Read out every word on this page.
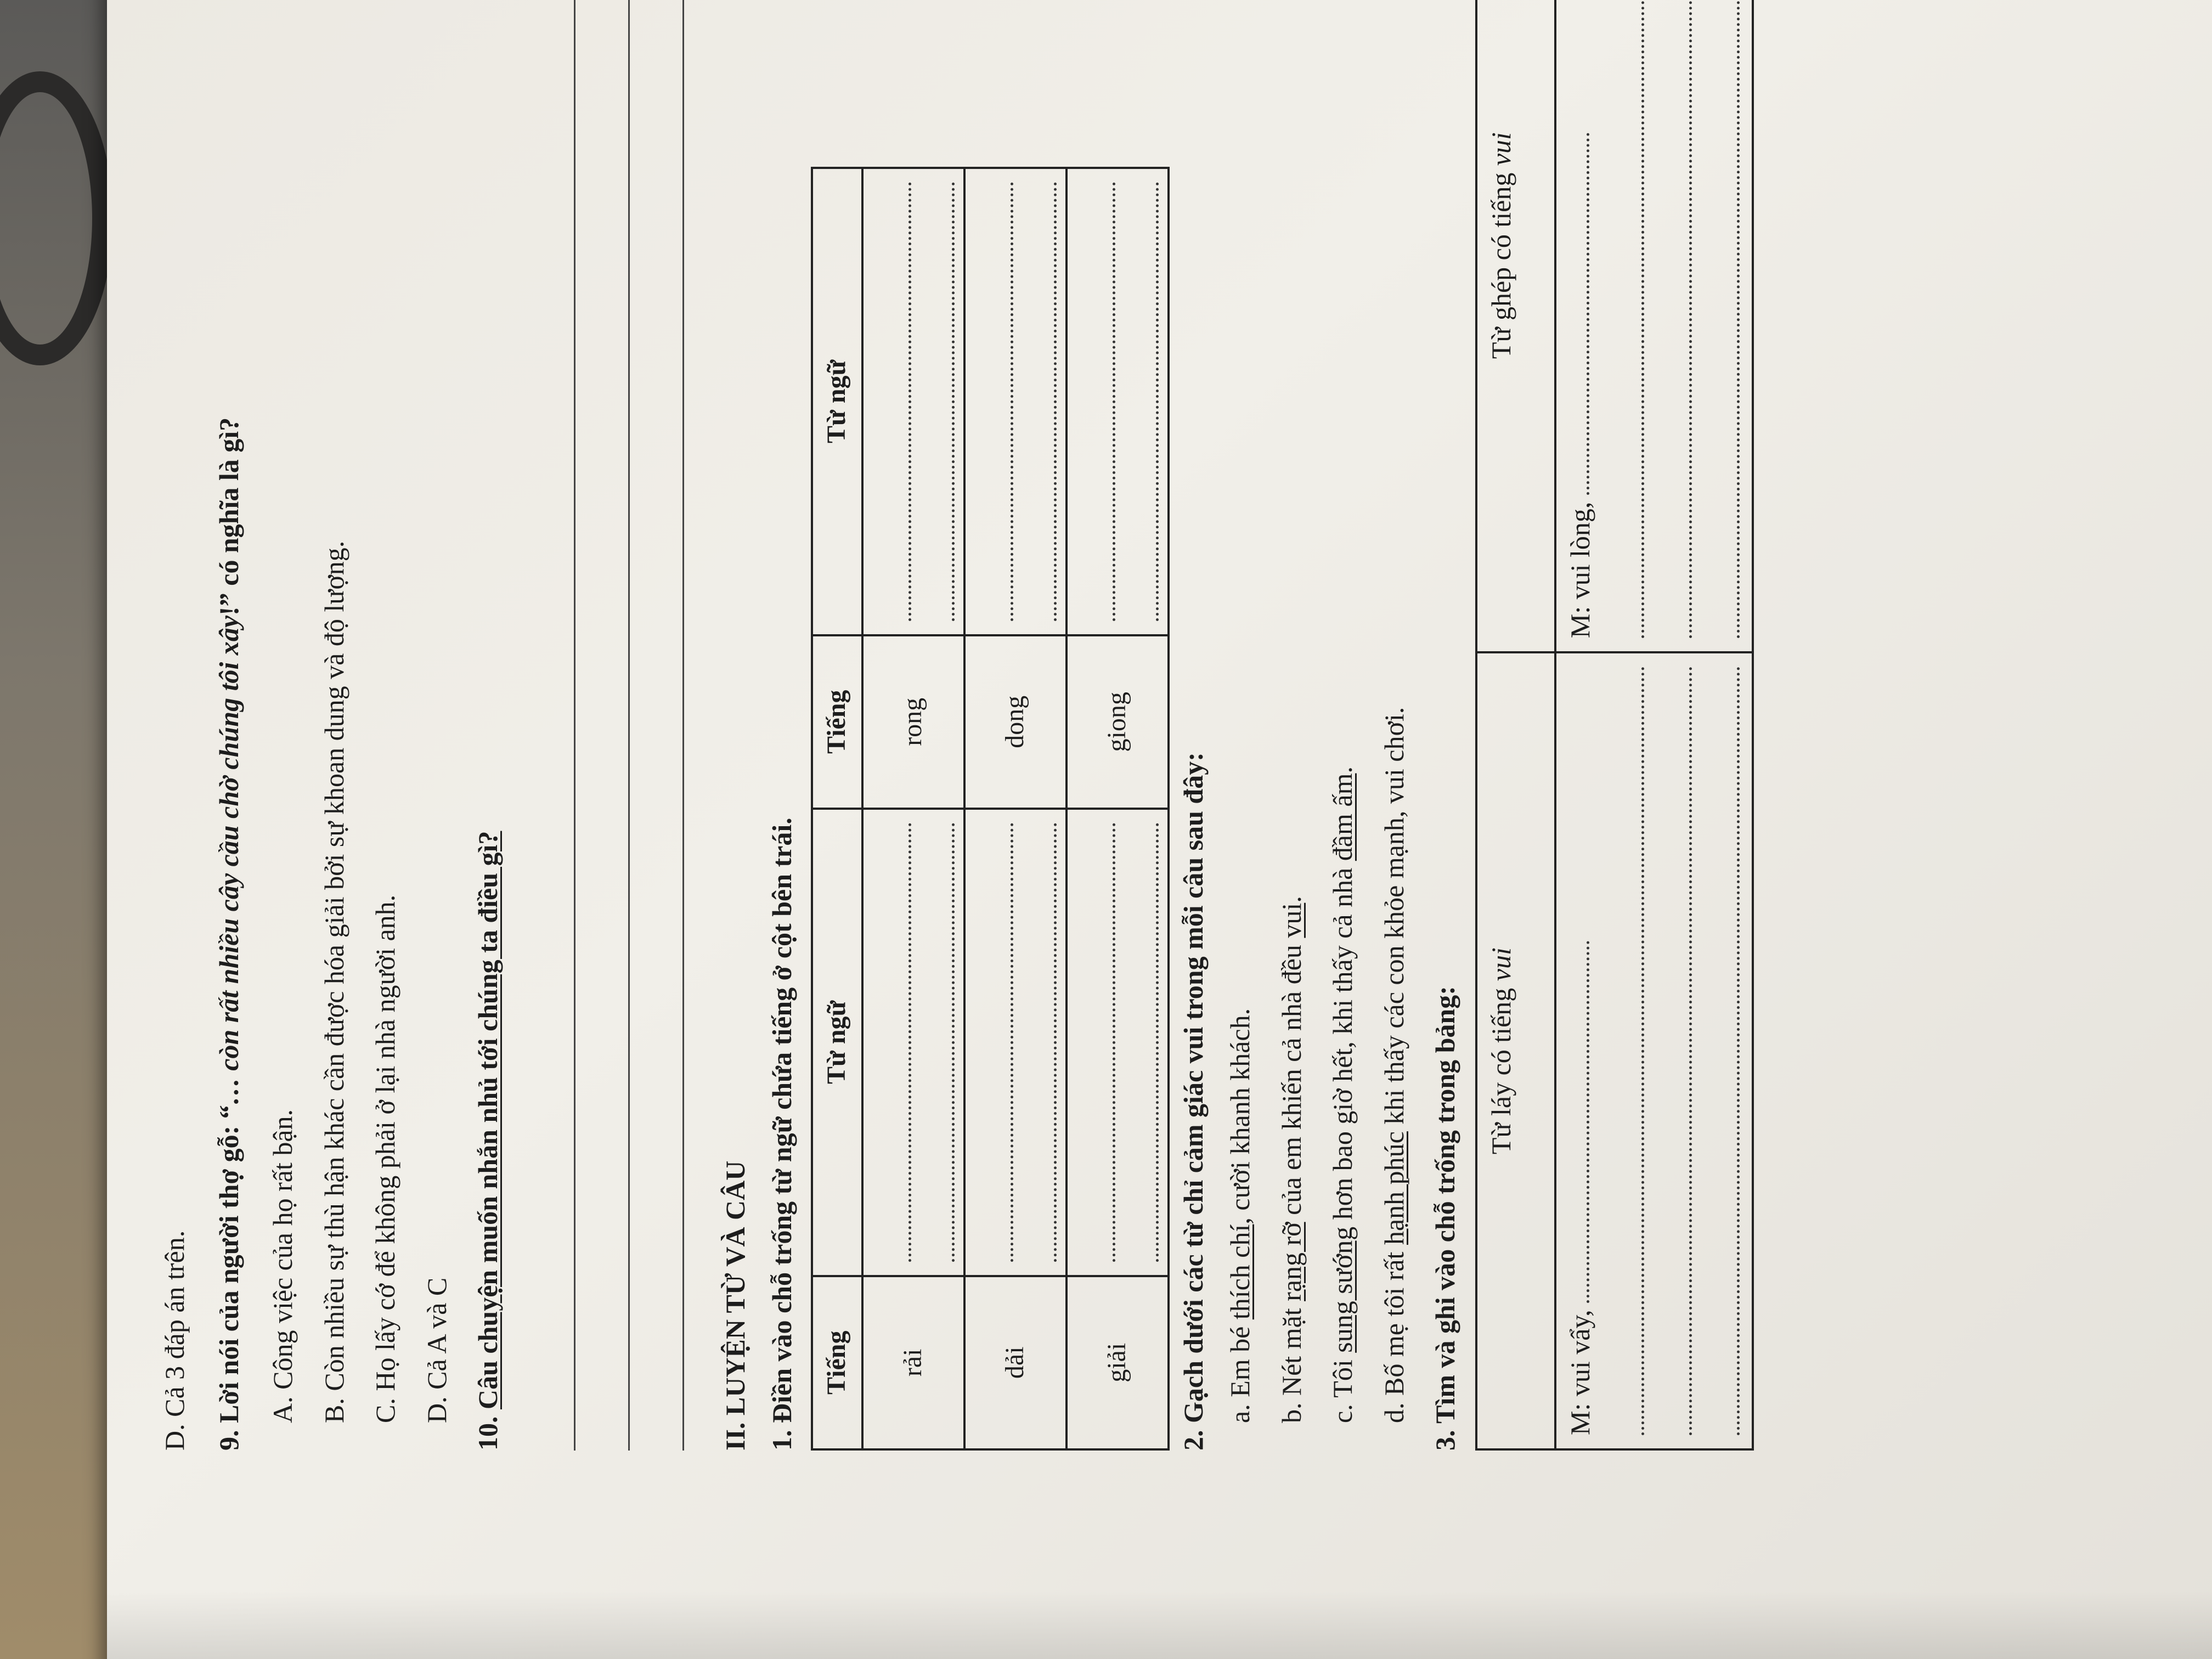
D. Cả 3 đáp án trên. 9. Lời nói của người thợ gỗ: “… còn rất nhiều cây cầu chờ chúng tôi xây!” có nghĩa là gì?
A. Công việc của họ rất bận. B. Còn nhiều sự thù hận khác cần được hóa giải bởi sự khoan dung và độ lượng. C. Họ lấy cớ để không phải ở lại nhà người anh. D. Cả A và C
10. Câu chuyện muốn nhắn nhủ tới chúng ta điều gì?	II. LUYỆN TỪ VÀ CÂU 1. Điền vào chỗ trống từ ngữ chứa tiếng ở cột bên trái. Tiếng	Từ ngữ	Tiếng	Từ ngữ
rải		rong	

dải		dong	

giải		giong	
2. Gạch dưới các từ chỉ cảm giác vui trong mỗi câu sau đây: a. Em bé thích chí, cười khanh khách.
b. Nét mặt rạng rỡ của em khiến cả nhà đều vui.
c. Tôi sung sướng hơn bao giờ hết, khi thấy cả nhà đầm ấm.
d. Bố mẹ tôi rất hạnh phúc khi thấy các con khỏe mạnh, vui chơi.
3. Tìm và ghi vào chỗ trống trong bảng: Từ láy có tiếng vui	Từ ghép có tiếng vui

M: vui vẩy,	M: vui lòng,
